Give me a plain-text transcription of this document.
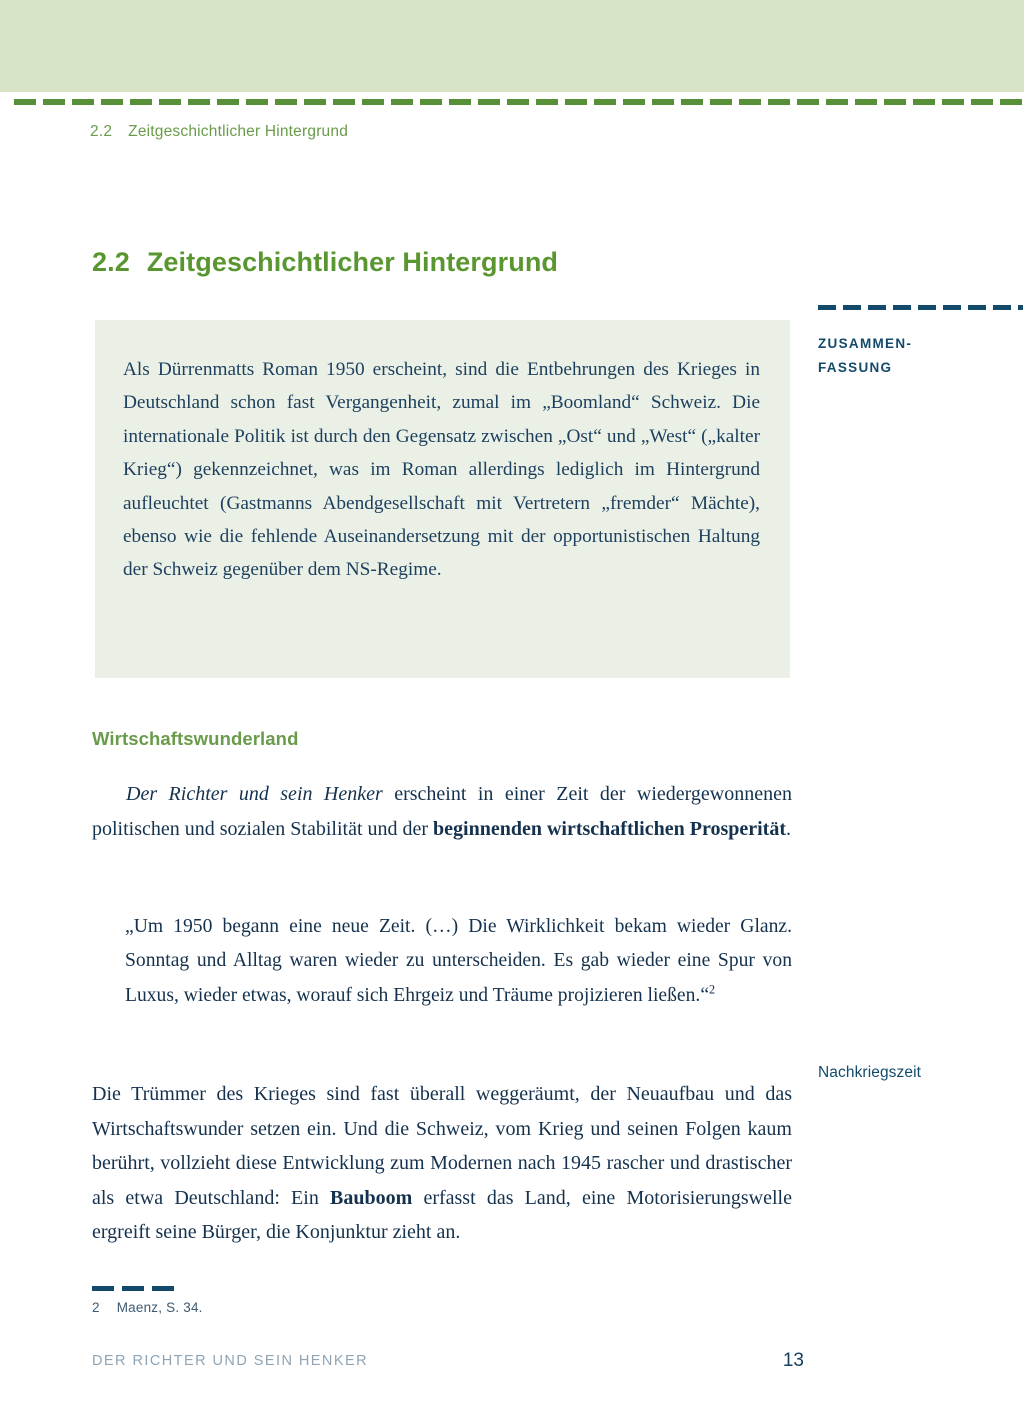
2.2 Zeitgeschichtlicher Hintergrund
2.2 Zeitgeschichtlicher Hintergrund
Als Dürrenmatts Roman 1950 erscheint, sind die Entbehrungen des Krieges in Deutschland schon fast Vergangenheit, zumal im „Boomland“ Schweiz. Die internationale Politik ist durch den Gegensatz zwischen „Ost“ und „West“ („kalter Krieg“) gekennzeichnet, was im Roman allerdings lediglich im Hintergrund aufleuchtet (Gastmanns Abendgesellschaft mit Vertretern „fremder“ Mächte), ebenso wie die fehlende Auseinandersetzung mit der opportunistischen Haltung der Schweiz gegenüber dem NS-Regime.
ZUSAMMEN-
FASSUNG
Wirtschaftswunderland

Der Richter und sein Henker erscheint in einer Zeit der wiedergewonnenen politischen und sozialen Stabilität und der beginnenden wirtschaftlichen Prosperität.

„Um 1950 begann eine neue Zeit. (…) Die Wirklichkeit bekam wieder Glanz. Sonntag und Alltag waren wieder zu unterscheiden. Es gab wieder eine Spur von Luxus, wieder etwas, worauf sich Ehrgeiz und Träume projizieren ließen.“$^2$

Die Trümmer des Krieges sind fast überall weggeräumt, der Neuaufbau und das Wirtschaftswunder setzen ein. Und die Schweiz, vom Krieg und seinen Folgen kaum berührt, vollzieht diese Entwicklung zum Modernen nach 1945 rascher und drastischer als etwa Deutschland: Ein Bauboom erfasst das Land, eine Motorisierungswelle ergreift seine Bürger, die Konjunktur zieht an.

Nachkriegszeit
2 Maenz, S. 34.
DER RICHTER UND SEIN HENKER	13
